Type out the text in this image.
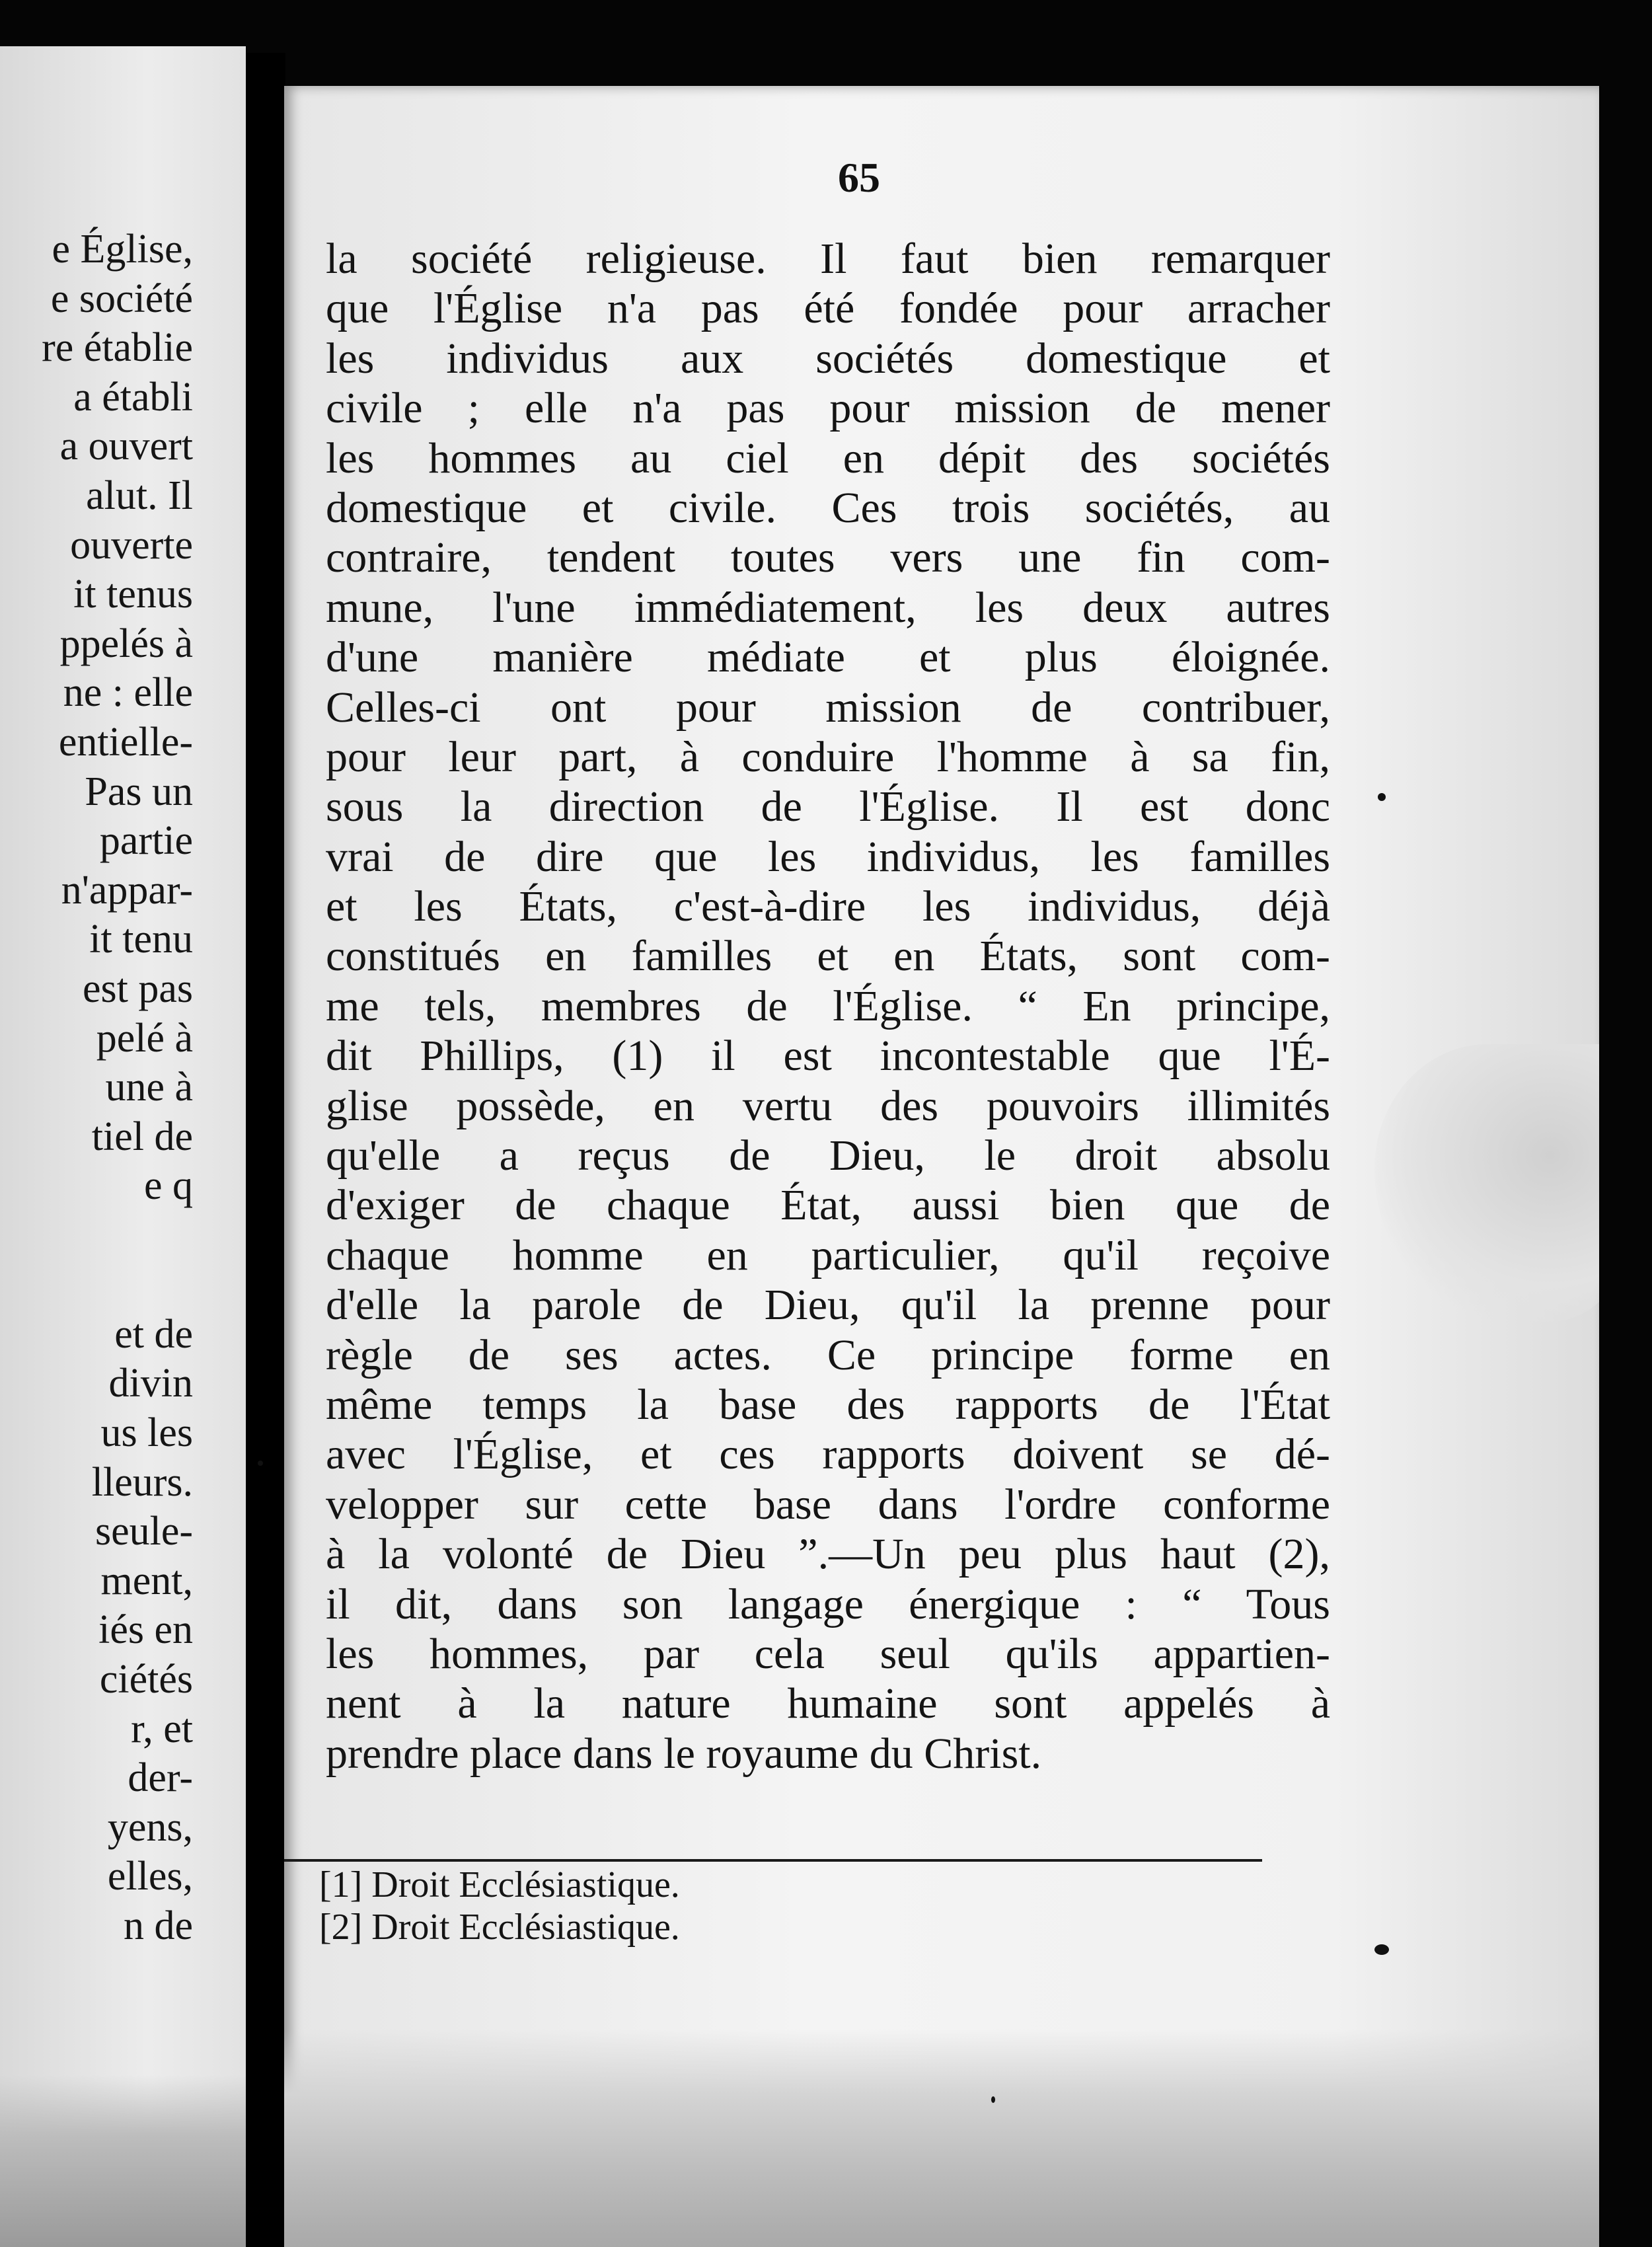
e Église,
e société
re établie
a établi
a ouvert
alut. Il
ouverte
it tenus
ppelés à
ne : elle
entielle-
Pas un
partie
n'appar-
it tenu
est pas
pelé à
une à
tiel de
e q
et de
divin
us les
lleurs.
seule-
ment,
iés en
ciétés
r, et
der-
yens,
elles,
n de
65
la société religieuse. Il faut bien remarquer
que l'Église n'a pas été fondée pour arracher
les individus aux sociétés domestique et
civile ; elle n'a pas pour mission de mener
les hommes au ciel en dépit des sociétés
domestique et civile. Ces trois sociétés, au
contraire, tendent toutes vers une fin com-
mune, l'une immédiatement, les deux autres
d'une manière médiate et plus éloignée.
Celles-ci ont pour mission de contribuer,
pour leur part, à conduire l'homme à sa fin,
sous la direction de l'Église. Il est donc
vrai de dire que les individus, les familles
et les États, c'est-à-dire les individus, déjà
constitués en familles et en États, sont com-
me tels, membres de l'Église. “ En principe,
dit Phillips, (1) il est incontestable que l'É-
glise possède, en vertu des pouvoirs illimités
qu'elle a reçus de Dieu, le droit absolu
d'exiger de chaque État, aussi bien que de
chaque homme en particulier, qu'il reçoive
d'elle la parole de Dieu, qu'il la prenne pour
règle de ses actes. Ce principe forme en
même temps la base des rapports de l'État
avec l'Église, et ces rapports doivent se dé-
velopper sur cette base dans l'ordre conforme
à la volonté de Dieu ”.—Un peu plus haut (2),
il dit, dans son langage énergique : “ Tous
les hommes, par cela seul qu'ils appartien-
nent à la nature humaine sont appelés à
prendre place dans le royaume du Christ.
[1] Droit Ecclésiastique.
[2] Droit Ecclésiastique.
